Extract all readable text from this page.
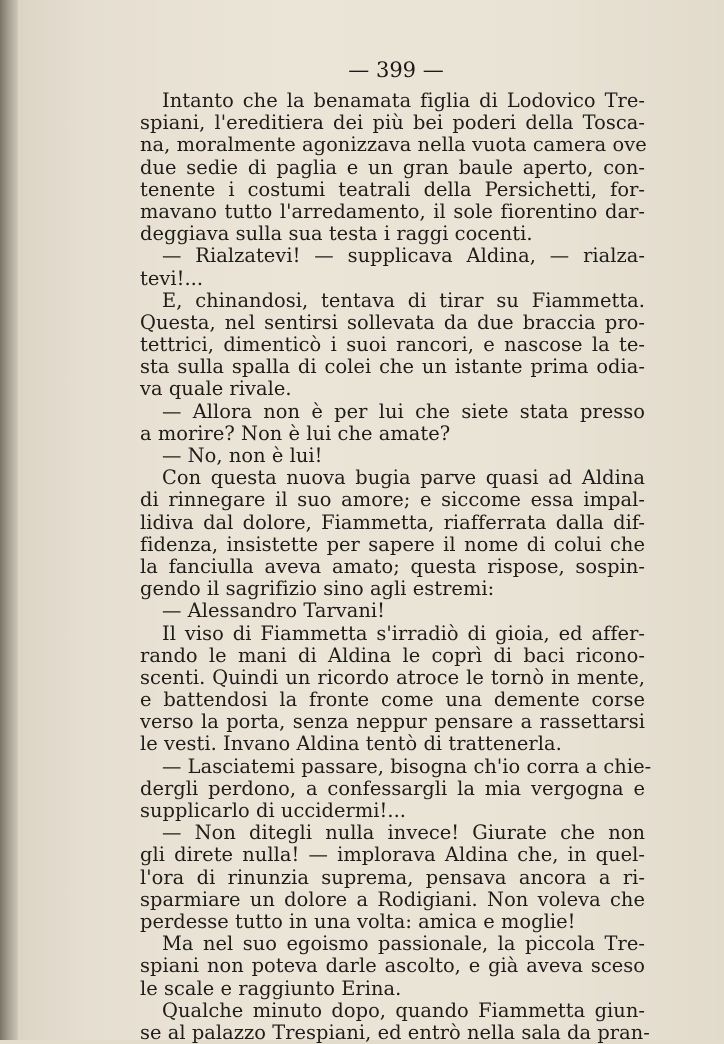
— 399 —
Intanto che la benamata figlia di Lodovico Tre-
spiani, l'ereditiera dei più bei poderi della Tosca-
na, moralmente agonizzava nella vuota camera ove
due sedie di paglia e un gran baule aperto, con-
tenente i costumi teatrali della Persichetti, for-
mavano tutto l'arredamento, il sole fiorentino dar-
deggiava sulla sua testa i raggi cocenti.
— Rialzatevi! — supplicava Aldina, — rialza-
tevi!...
E, chinandosi, tentava di tirar su Fiammetta.
Questa, nel sentirsi sollevata da due braccia pro-
tettrici, dimenticò i suoi rancori, e nascose la te-
sta sulla spalla di colei che un istante prima odia-
va quale rivale.
— Allora non è per lui che siete stata presso
a morire? Non è lui che amate?
— No, non è lui!
Con questa nuova bugia parve quasi ad Aldina
di rinnegare il suo amore; e siccome essa impal-
lidiva dal dolore, Fiammetta, riafferrata dalla dif-
fidenza, insistette per sapere il nome di colui che
la fanciulla aveva amato; questa rispose, sospin-
gendo il sagrifizio sino agli estremi:
— Alessandro Tarvani!
Il viso di Fiammetta s'irradiò di gioia, ed affer-
rando le mani di Aldina le coprì di baci ricono-
scenti. Quindi un ricordo atroce le tornò in mente,
e battendosi la fronte come una demente corse
verso la porta, senza neppur pensare a rassettarsi
le vesti. Invano Aldina tentò di trattenerla.
— Lasciatemi passare, bisogna ch'io corra a chie-
dergli perdono, a confessargli la mia vergogna e
supplicarlo di uccidermi!...
— Non ditegli nulla invece! Giurate che non
gli direte nulla! — implorava Aldina che, in quel-
l'ora di rinunzia suprema, pensava ancora a ri-
sparmiare un dolore a Rodigiani. Non voleva che
perdesse tutto in una volta: amica e moglie!
Ma nel suo egoismo passionale, la piccola Tre-
spiani non poteva darle ascolto, e già aveva sceso
le scale e raggiunto Erina.
Qualche minuto dopo, quando Fiammetta giun-
se al palazzo Trespiani, ed entrò nella sala da pran-
